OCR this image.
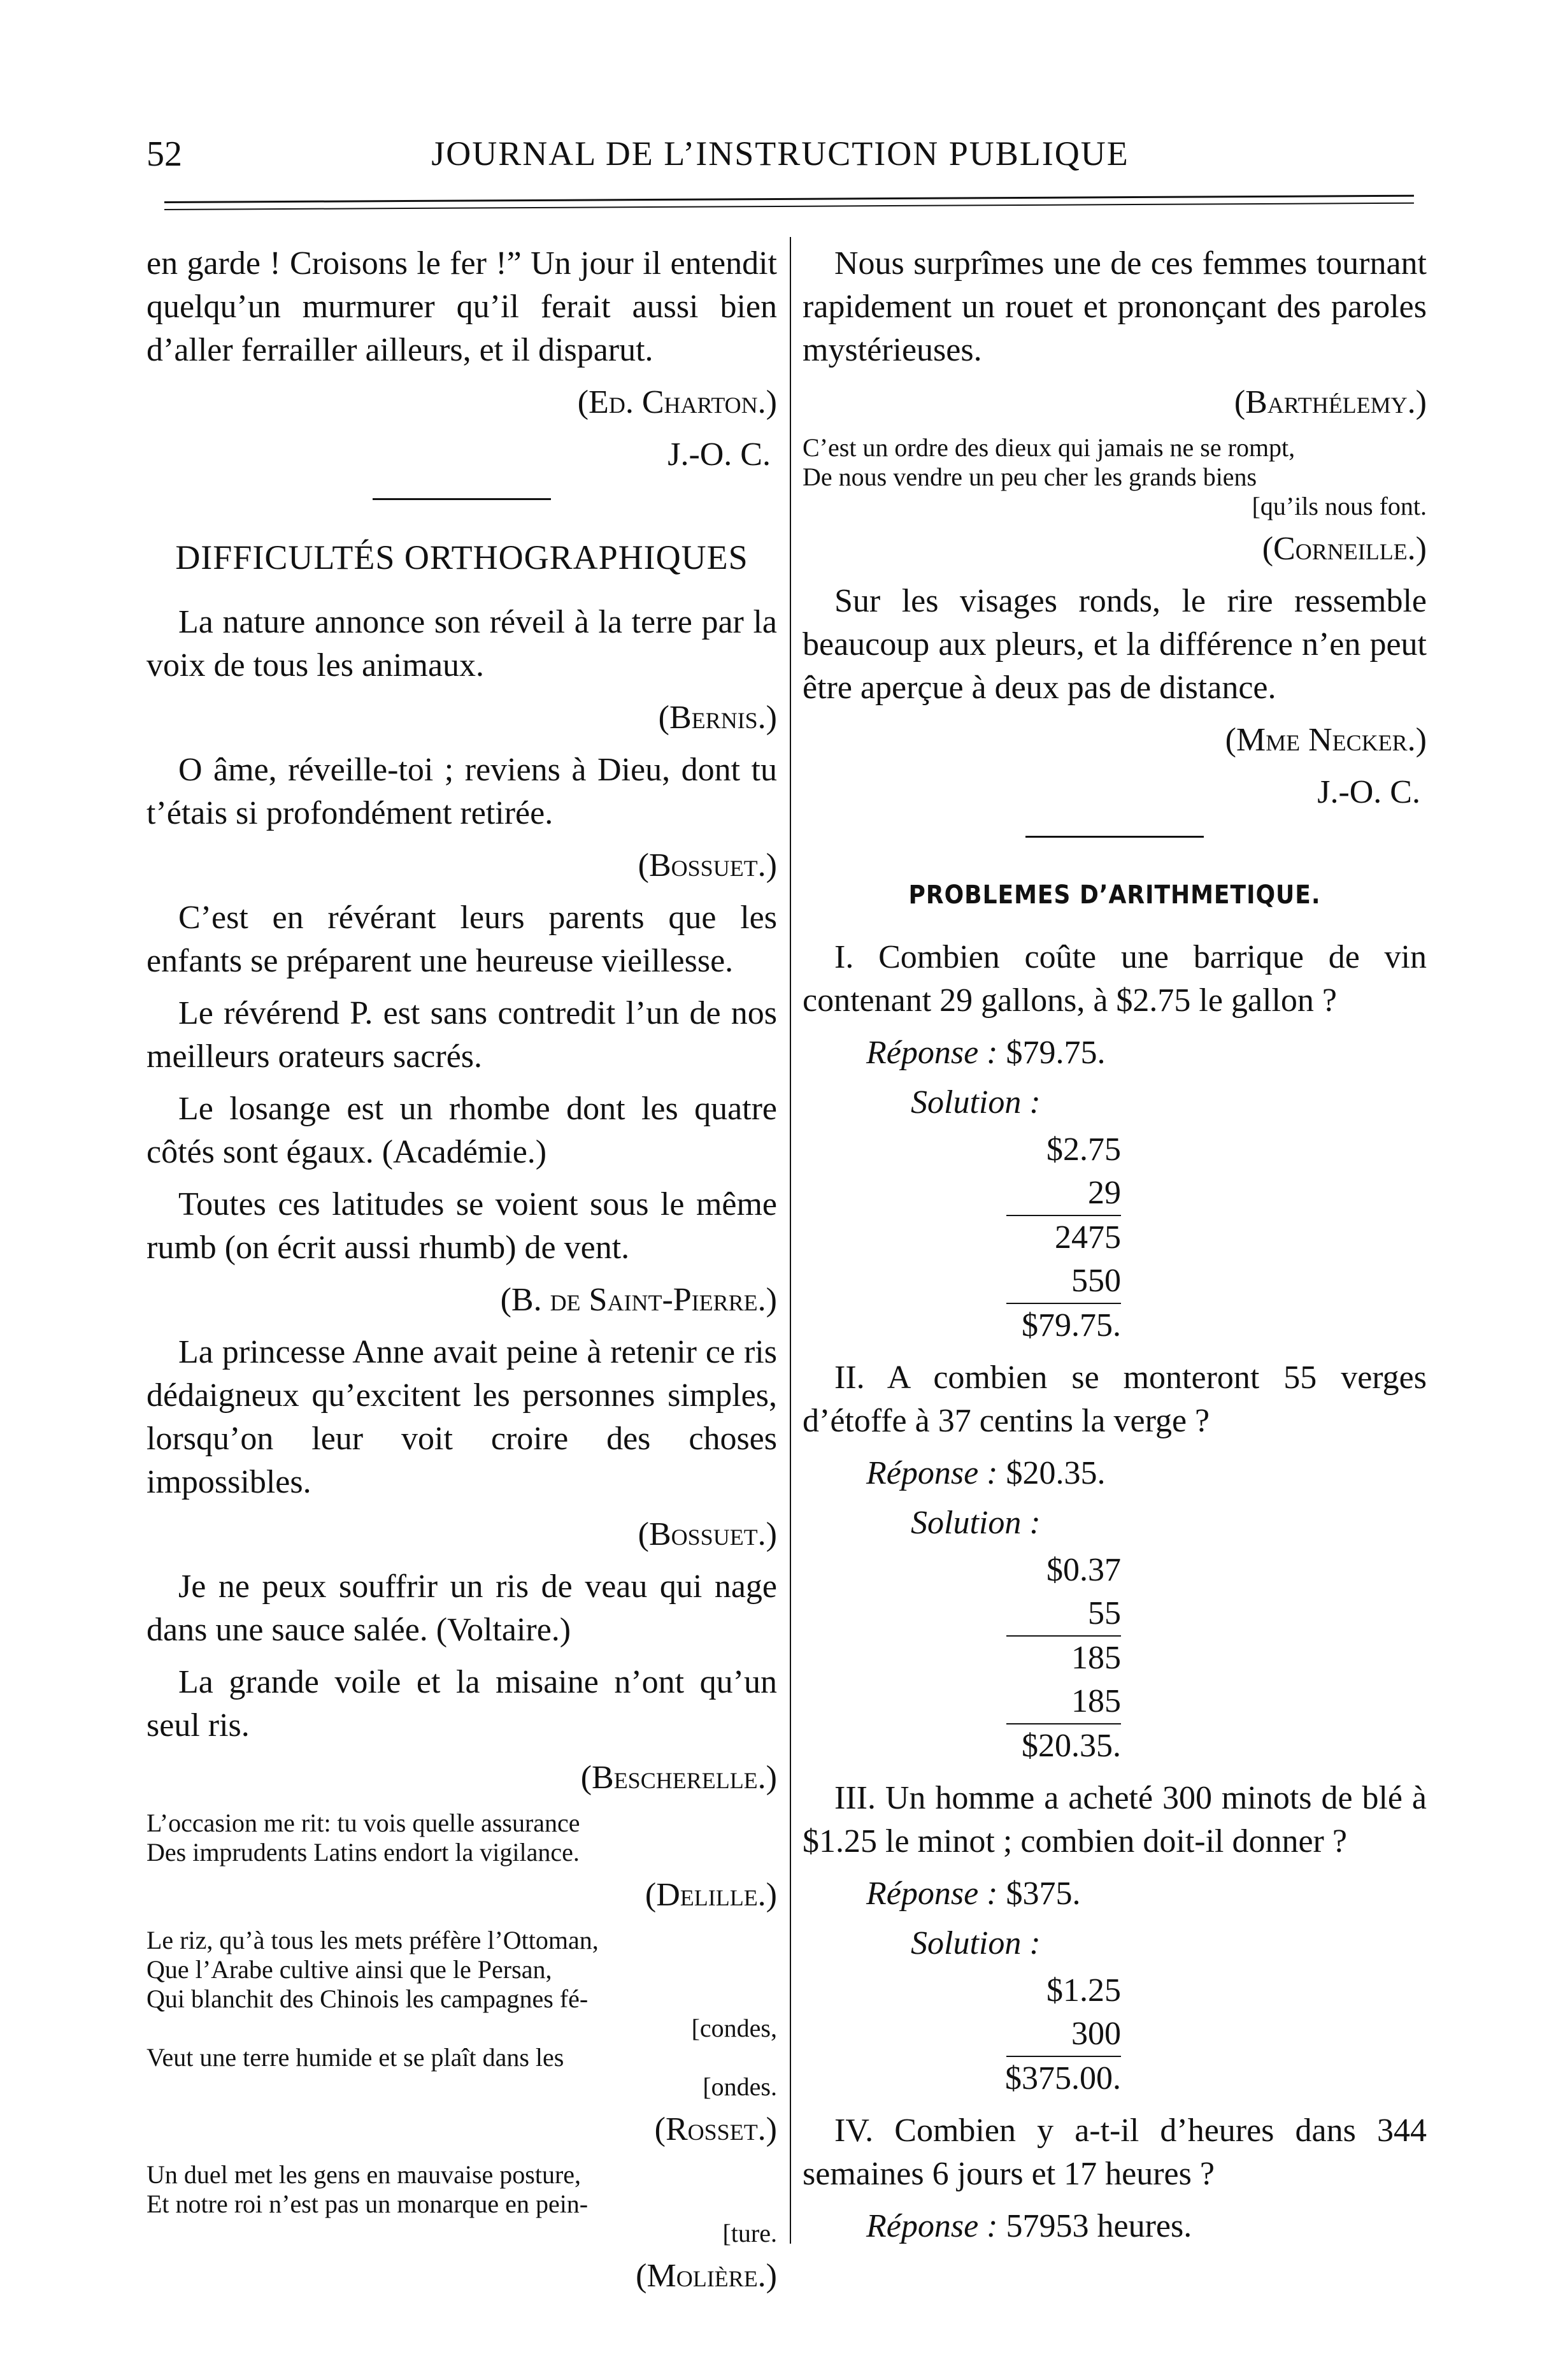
52	JOURNAL DE L’INSTRUCTION PUBLIQUE

en garde ! Croisons le fer !” Un jour il entendit quelqu’un murmurer qu’il ferait aussi bien d’aller ferrailler ailleurs, et il disparut.

(Ed. Charton.)
J.-O. C.
DIFFICULTÉS ORTHOGRAPHIQUES

La nature annonce son réveil à la terre par la voix de tous les animaux.

(Bernis.)

O âme, réveille-toi ; reviens à Dieu, dont tu t’étais si profondément retirée.

(Bossuet.)

C’est en révérant leurs parents que les enfants se préparent une heureuse vieillesse.

Le révérend P. est sans contredit l’un de nos meilleurs orateurs sacrés.

Le losange est un rhombe dont les quatre côtés sont égaux. (Académie.)

Toutes ces latitudes se voient sous le même rumb (on écrit aussi rhumb) de vent.

(B. de Saint-Pierre.)

La princesse Anne avait peine à retenir ce ris dédaigneux qu’excitent les personnes simples, lorsqu’on leur voit croire des choses impossibles.

(Bossuet.)

Je ne peux souffrir un ris de veau qui nage dans une sauce salée. (Voltaire.)

La grande voile et la misaine n’ont qu’un seul ris.

(Bescherelle.)
L’occasion me rit: tu vois quelle assurance
Des imprudents Latins endort la vigilance.
(Delille.)
Le riz, qu’à tous les mets préfère l’Ottoman,
Que l’Arabe cultive ainsi que le Persan,
Qui blanchit des Chinois les campagnes fé-
[condes,
Veut une terre humide et se plaît dans les
[ondes.
(Rosset.)
Un duel met les gens en mauvaise posture,
Et notre roi n’est pas un monarque en pein-
[ture.
(Molière.)

Nous surprîmes une de ces femmes tournant rapidement un rouet et prononçant des paroles mystérieuses.

(Barthélemy.)
C’est un ordre des dieux qui jamais ne se rompt,
De nous vendre un peu cher les grands biens
[qu’ils nous font.
(Corneille.)

Sur les visages ronds, le rire ressemble beaucoup aux pleurs, et la différence n’en peut être aperçue à deux pas de distance.

(Mme Necker.)
J.-O. C.
PROBLEMES D’ARITHMETIQUE.

I. Combien coûte une barrique de vin contenant 29 gallons, à $2.75 le gallon ?

Réponse : $79.75.
Solution :
$2.75
29
2475
550
$79.75.

II. A combien se monteront 55 verges d’étoffe à 37 centins la verge ?

Réponse : $20.35.
Solution :
$0.37
55
185
185
$20.35.

III. Un homme a acheté 300 minots de blé à $1.25 le minot ; combien doit-il donner ?

Réponse : $375.
Solution :
$1.25
300
$375.00.

IV. Combien y a-t-il d’heures dans 344 semaines 6 jours et 17 heures ?

Réponse : 57953 heures.
